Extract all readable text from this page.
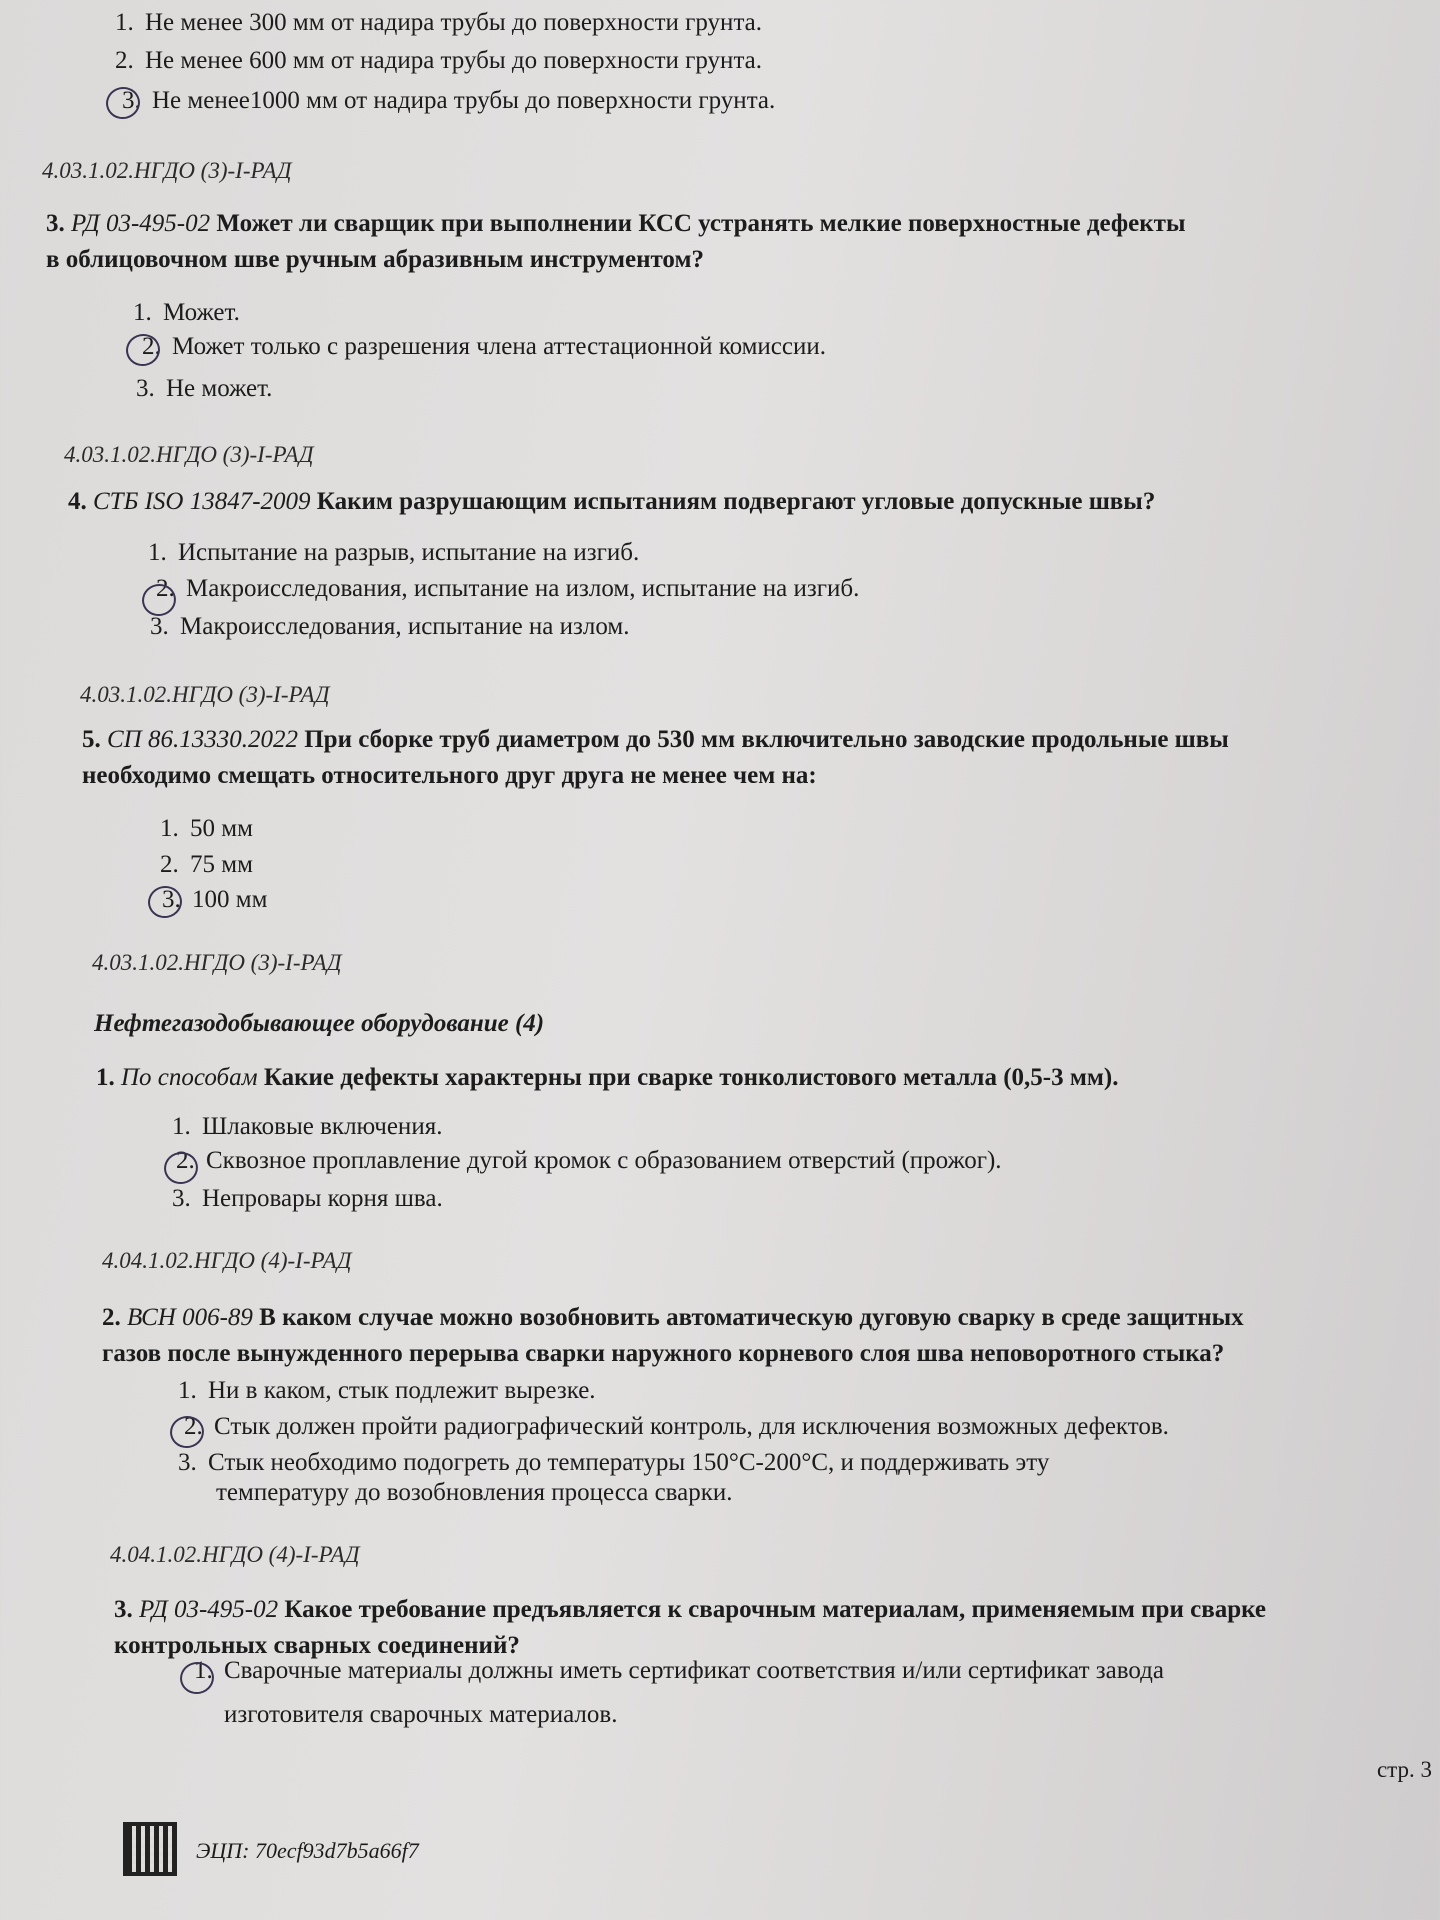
1. Не менее 300 мм от надира трубы до поверхности грунта.
2. Не менее 600 мм от надира трубы до поверхности грунта.
3. Не менее1000 мм от надира трубы до поверхности грунта.
4.03.1.02.НГДО (3)-I-РАД
3. РД 03-495-02 Может ли сварщик при выполнении КСС устранять мелкие поверхностные дефекты
в облицовочном шве ручным абразивным инструментом?
1. Может.
2. Может только с разрешения члена аттестационной комиссии.
3. Не может.
4.03.1.02.НГДО (3)-I-РАД
4. СТБ ISO 13847-2009 Каким разрушающим испытаниям подвергают угловые допускные швы?
1. Испытание на разрыв, испытание на изгиб.
2. Макроисследования, испытание на излом, испытание на изгиб.
3. Макроисследования, испытание на излом.
4.03.1.02.НГДО (3)-I-РАД
5. СП 86.13330.2022 При сборке труб диаметром до 530 мм включительно заводские продольные швы
необходимо смещать относительного друг друга не менее чем на:
1. 50 мм
2. 75 мм
3. 100 мм
4.03.1.02.НГДО (3)-I-РАД
Нефтегазодобывающее оборудование (4)
1. По способам Какие дефекты характерны при сварке тонколистового металла (0,5-3 мм).
1. Шлаковые включения.
2. Сквозное проплавление дугой кромок с образованием отверстий (прожог).
3. Непровары корня шва.
4.04.1.02.НГДО (4)-I-РАД
2. ВСН 006-89 В каком случае можно возобновить автоматическую дуговую сварку в среде защитных
газов после вынужденного перерыва сварки наружного корневого слоя шва неповоротного стыка?
1. Ни в каком, стык подлежит вырезке.
2. Стык должен пройти радиографический контроль, для исключения возможных дефектов.
3. Стык необходимо подогреть до температуры 150°С-200°С, и поддерживать эту
температуру до возобновления процесса сварки.
4.04.1.02.НГДО (4)-I-РАД
3. РД 03-495-02 Какое требование предъявляется к сварочным материалам, применяемым при сварке
контрольных сварных соединений?
1. Сварочные материалы должны иметь сертификат соответствия и/или сертификат завода
изготовителя сварочных материалов.
стр. 3
ЭЦП: 70ecf93d7b5a66f7
